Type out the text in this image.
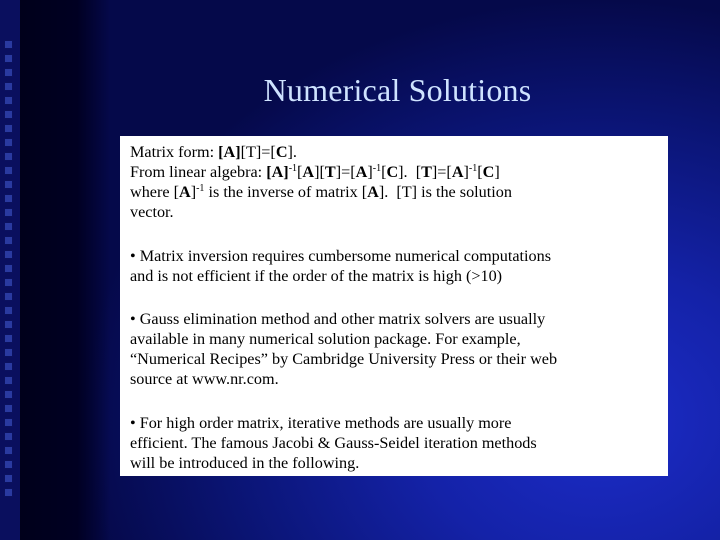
Numerical Solutions
Matrix form: [A][T]=[C].
From linear algebra: $[A]^{-1}[A][T]=[A]^{-1}[C]$.  $[T]=[A]^{-1}[C]$
where $[A]^{-1}$ is the inverse of matrix [A].  [T] is the solution
vector.
• Matrix inversion requires cumbersome numerical computations
and is not efficient if the order of the matrix is high (>10)
• Gauss elimination method and other matrix solvers are usually
available in many numerical solution package. For example,
“Numerical Recipes” by Cambridge University Press or their web
source at www.nr.com.
• For high order matrix, iterative methods are usually more
efficient. The famous Jacobi & Gauss-Seidel iteration methods
will be introduced in the following.
